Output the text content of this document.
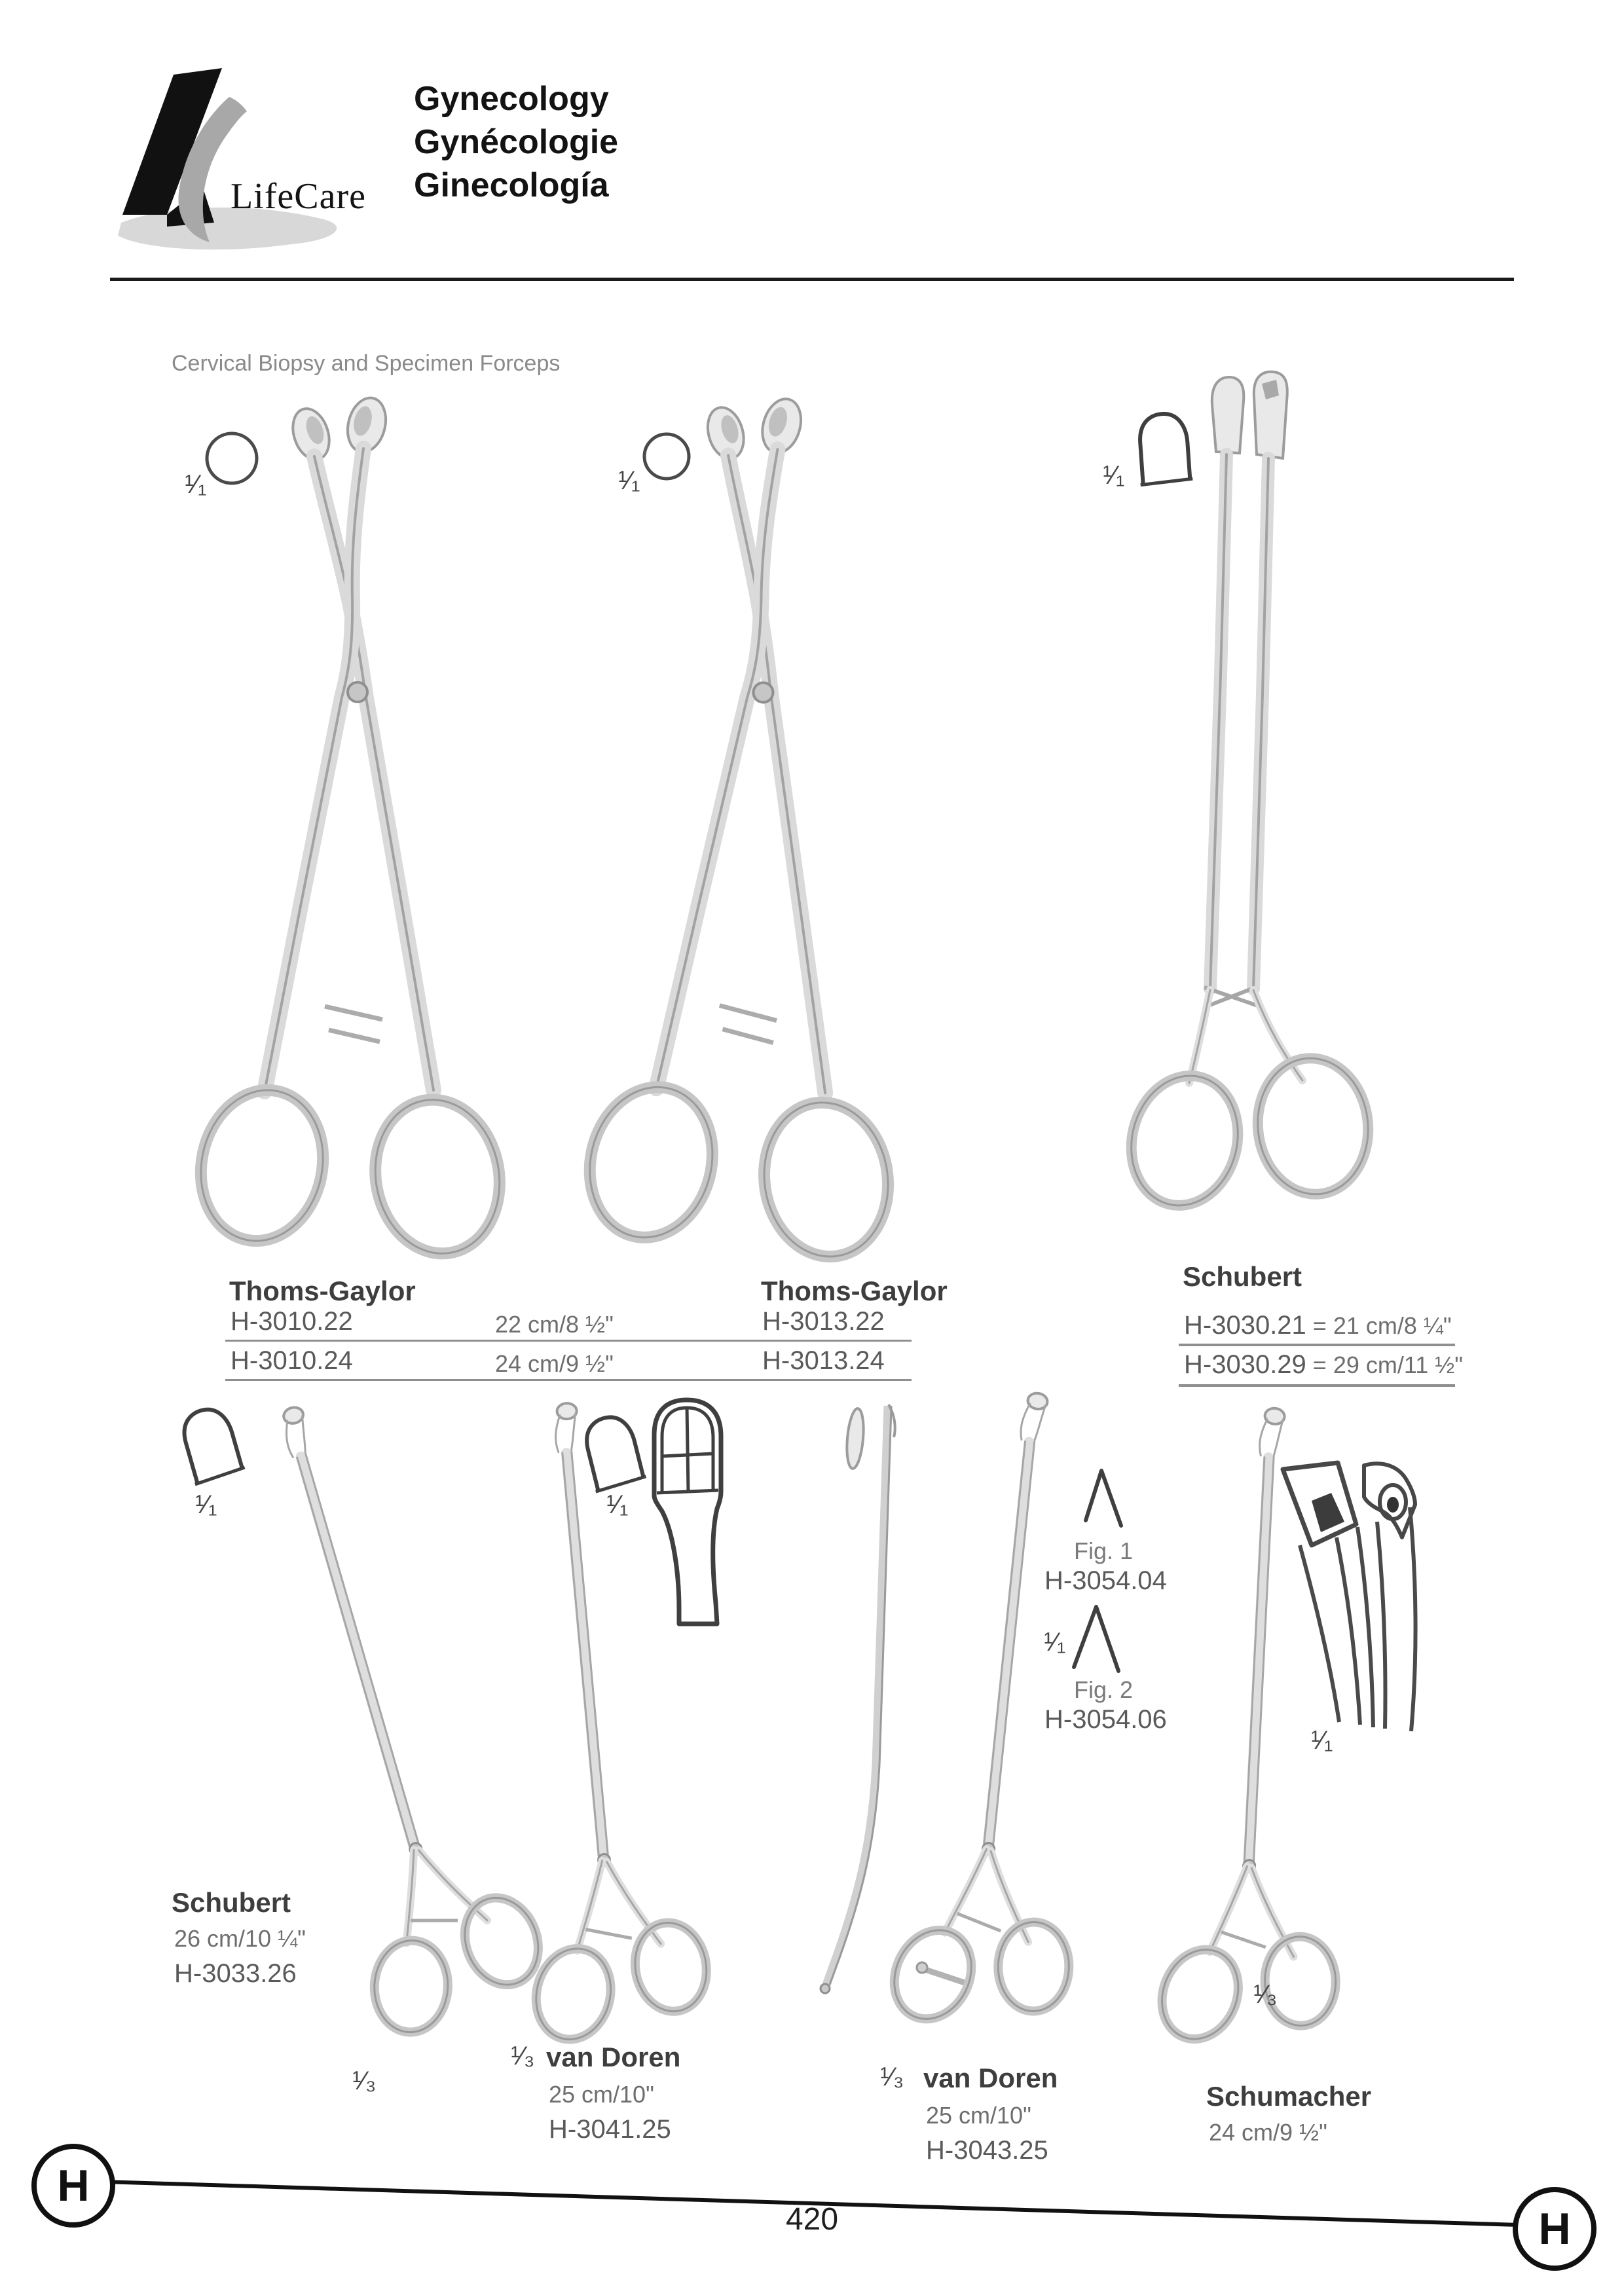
LifeCare
Gynecology
Gynécologie
Ginecología
Cervical Biopsy and Specimen Forceps
¹⁄₁	¹⁄₁	¹⁄₁
Thoms-Gaylor
H-3010.22	22 cm/8 ½"
H-3010.24	24 cm/9 ½"
Thoms-Gaylor
H-3013.22
H-3013.24
Schubert
H-3030.21 = 21 cm/8 ¼"
H-3030.29 = 29 cm/11 ½"
¹⁄₁	¹⁄₁
Fig. 1
H-3054.04
¹⁄₁
Fig. 2
H-3054.06
¹⁄₁
Schubert
26 cm/10 ¼"
H-3033.26
¹⁄₃
¹⁄₃ van Doren
25 cm/10"
H-3041.25
¹⁄₃ van Doren
25 cm/10"
H-3043.25
¹⁄₃
Schumacher
24 cm/9 ½"
H
H
420
